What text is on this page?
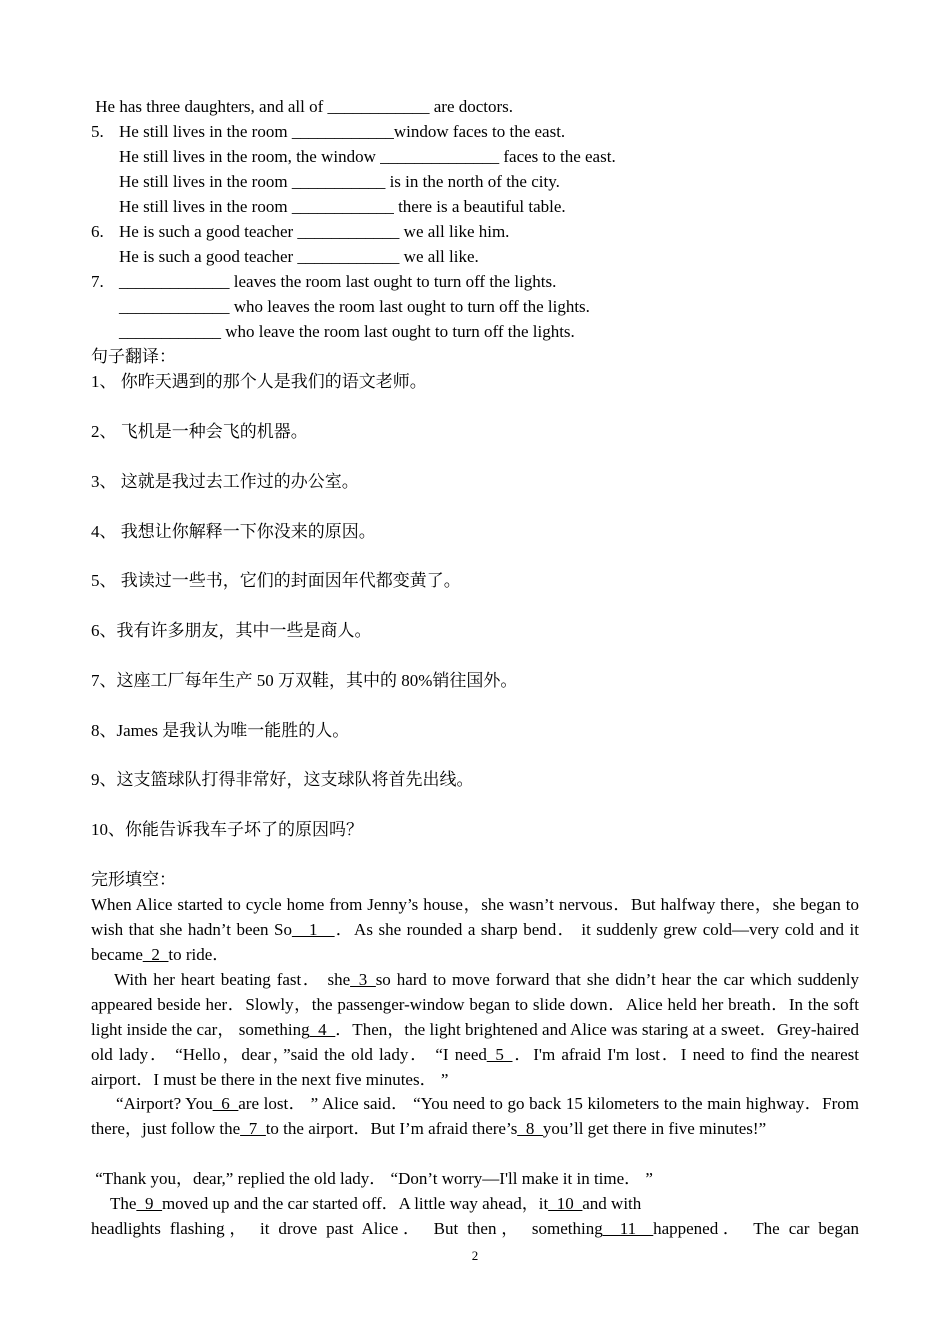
He has three daughters, and all of ____________ are doctors.
5. He still lives in the room ____________window faces to the east.
He still lives in the room, the window ______________ faces to the east.
He still lives in the room ___________ is in the north of the city.
He still lives in the room ____________ there is a beautiful table.
6. He is such a good teacher ____________ we all like him.
He is such a good teacher ____________ we all like.
7. _____________ leaves the room last ought to turn off the lights.
_____________ who leaves the room last ought to turn off the lights.
____________ who leave the room last ought to turn off the lights.
句子翻译：
1、 你昨天遇到的那个人是我们的语文老师。
2、 飞机是一种会飞的机器。
3、 这就是我过去工作过的办公室。
4、 我想让你解释一下你没来的原因。
5、 我读过一些书，它们的封面因年代都变黄了。
6、我有许多朋友，其中一些是商人。
7、这座工厂每年生产 50 万双鞋，其中的 80%销往国外。
8、James 是我认为唯一能胜的人。
9、这支篮球队打得非常好，这支球队将首先出线。
10、你能告诉我车子坏了的原因吗？
完形填空：
When Alice started to cycle home from Jenny’s house，she wasn’t nervous．But halfway there，she began to wish that she hadn’t been So__1__．As she rounded a sharp bend． it suddenly grew cold—very cold and it became_2_to ride．
With her heart beating fast． she_3_so hard to move forward that she didn’t hear the car which suddenly appeared beside her．Slowly，the passenger-window began to slide down．Alice held her breath．In the soft light inside the car， something_4_．Then，the light brightened and Alice was staring at a sweet．Grey-haired old lady． “Hello，dear，”said the old lady． “I need_5_．I'm afraid I'm lost．I need to find the nearest airport．I must be there in the next five minutes． ”
“Airport? You_6_are lost． ” Alice said． “You need to go back 15 kilometers to the main highway．From there，just follow the_7_to the airport．But I’m afraid there’s_8_you’ll get there in five minutes!”
“Thank you，dear,” replied the old lady． “Don’t worry—I'll make it in time． ”
The_9_moved up and the car started off．A little way ahead，it_10_and with
headlights flashing， it drove past Alice． But then， something__11__happened． The car began
2
